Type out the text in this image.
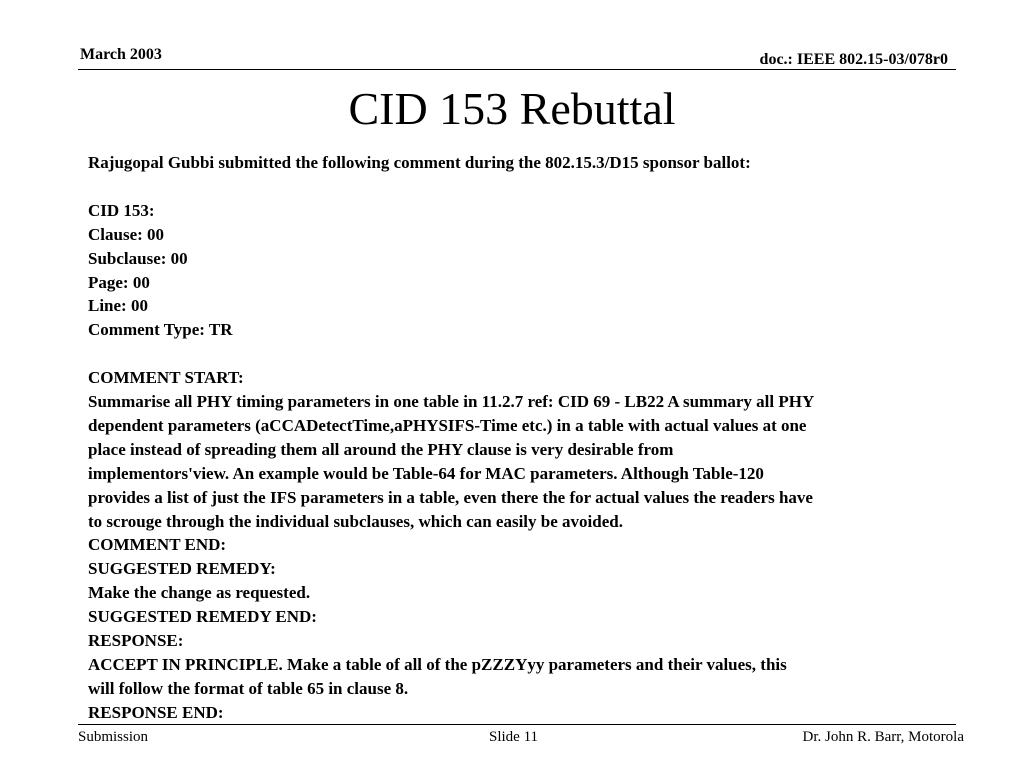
March 2003	doc.: IEEE 802.15-03/078r0
CID 153 Rebuttal
Rajugopal Gubbi submitted the following comment during the 802.15.3/D15 sponsor ballot:
CID 153:
Clause: 00
Subclause: 00
Page: 00
Line: 00
Comment Type: TR
COMMENT START:
Summarise all PHY timing parameters in one table in 11.2.7 ref: CID 69 - LB22 A summary all PHY
dependent parameters (aCCADetectTime,aPHYSIFS-Time etc.) in a table with actual values at one
place instead of spreading them all around the PHY clause is very desirable from
implementors'view. An example would be Table-64 for MAC parameters. Although Table-120
provides a list of just the IFS parameters in a table, even there the for actual values the readers have
to scrouge through the individual subclauses, which can easily be avoided.
COMMENT END:
SUGGESTED REMEDY:
Make the change as requested.
SUGGESTED REMEDY END:
RESPONSE:
ACCEPT IN PRINCIPLE. Make a table of all of the pZZZYyy parameters and their values, this
will follow the format of table 65 in clause 8.
RESPONSE END:
Submission	Slide 11	Dr. John R. Barr, Motorola
